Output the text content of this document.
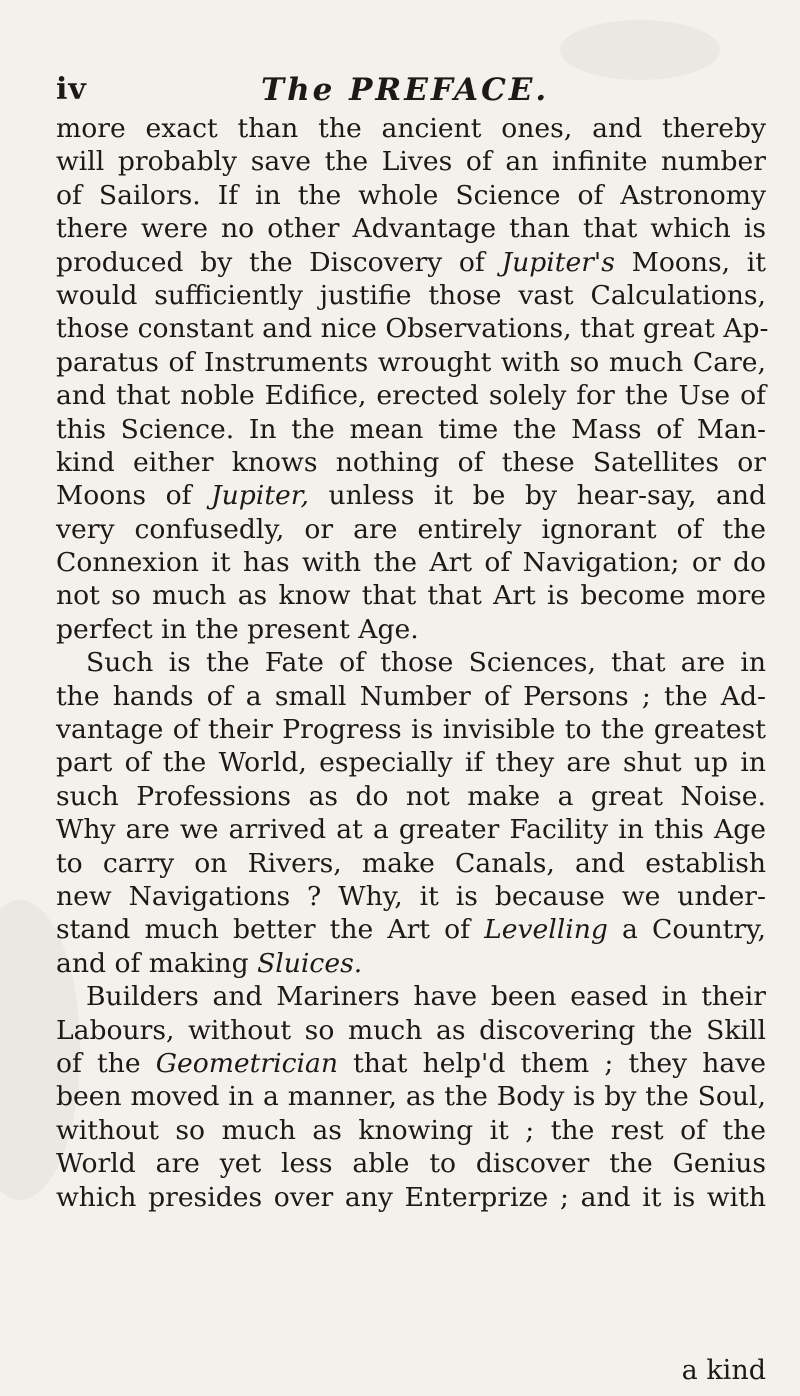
iv	The PREFACE.
more exact than the ancient ones, and thereby
will probably save the Lives of an infinite number
of Sailors. If in the whole Science of Astronomy
there were no other Advantage than that which is
produced by the Discovery of Jupiter's Moons, it
would sufficiently justifie those vast Calculations,
those constant and nice Observations, that great Ap-
paratus of Instruments wrought with so much Care,
and that noble Edifice, erected solely for the Use of
this Science. In the mean time the Mass of Man-
kind either knows nothing of these Satellites or
Moons of Jupiter, unless it be by hear-say, and
very confusedly, or are entirely ignorant of the
Connexion it has with the Art of Navigation; or do
not so much as know that that Art is become more
perfect in the present Age.
Such is the Fate of those Sciences, that are in
the hands of a small Number of Persons ; the Ad-
vantage of their Progress is invisible to the greatest
part of the World, especially if they are shut up in
such Professions as do not make a great Noise.
Why are we arrived at a greater Facility in this Age
to carry on Rivers, make Canals, and establish
new Navigations ? Why, it is because we under-
stand much better the Art of Levelling a Country,
and of making Sluices.
Builders and Mariners have been eased in their
Labours, without so much as discovering the Skill
of the Geometrician that help'd them ; they have
been moved in a manner, as the Body is by the Soul,
without so much as knowing it ; the rest of the
World are yet less able to discover the Genius
which presides over any Enterprize ; and it is with
a kind
